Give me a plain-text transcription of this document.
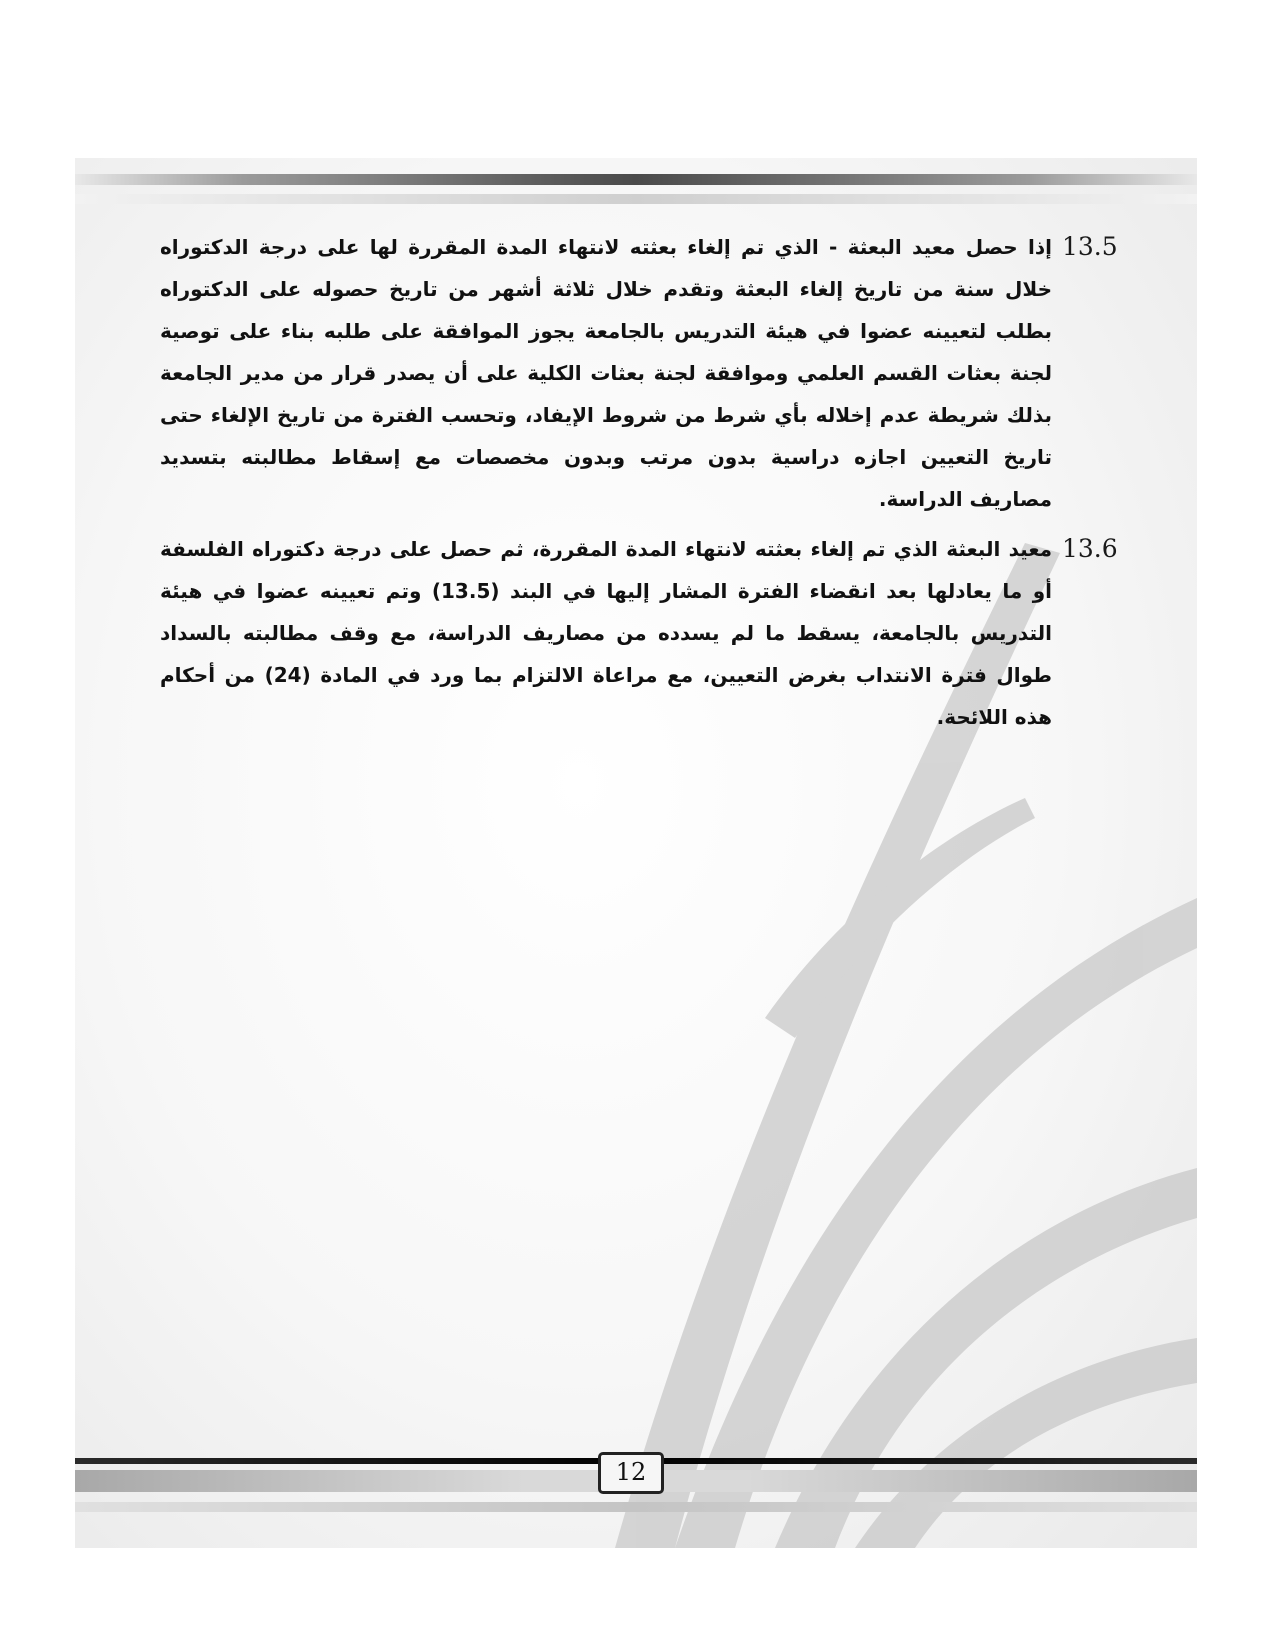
12
13.5
إذا حصل معيد البعثة - الذي تم إلغاء بعثته لانتهاء المدة المقررة لها على درجة الدكتوراه خلال سنة من تاريخ إلغاء البعثة وتقدم خلال ثلاثة أشهر من تاريخ حصوله على الدكتوراه بطلب لتعيينه عضوا في هيئة التدريس بالجامعة يجوز الموافقة على طلبه بناء على توصية لجنة بعثات القسم العلمي وموافقة لجنة بعثات الكلية على أن يصدر قرار من مدير الجامعة بذلك شريطة عدم إخلاله بأي شرط من شروط الإيفاد، وتحسب الفترة من تاريخ الإلغاء حتى تاريخ التعيين اجازه دراسية بدون مرتب وبدون مخصصات مع إسقاط مطالبته بتسديد مصاريف الدراسة.
13.6
معيد البعثة الذي تم إلغاء بعثته لانتهاء المدة المقررة، ثم حصل على درجة دكتوراه الفلسفة أو ما يعادلها بعد انقضاء الفترة المشار إليها في البند (13.5) وتم تعيينه عضوا في هيئة التدريس بالجامعة، يسقط ما لم يسدده من مصاريف الدراسة، مع وقف مطالبته بالسداد طوال فترة الانتداب بغرض التعيين، مع مراعاة الالتزام بما ورد في المادة (24) من أحكام هذه اللائحة.
